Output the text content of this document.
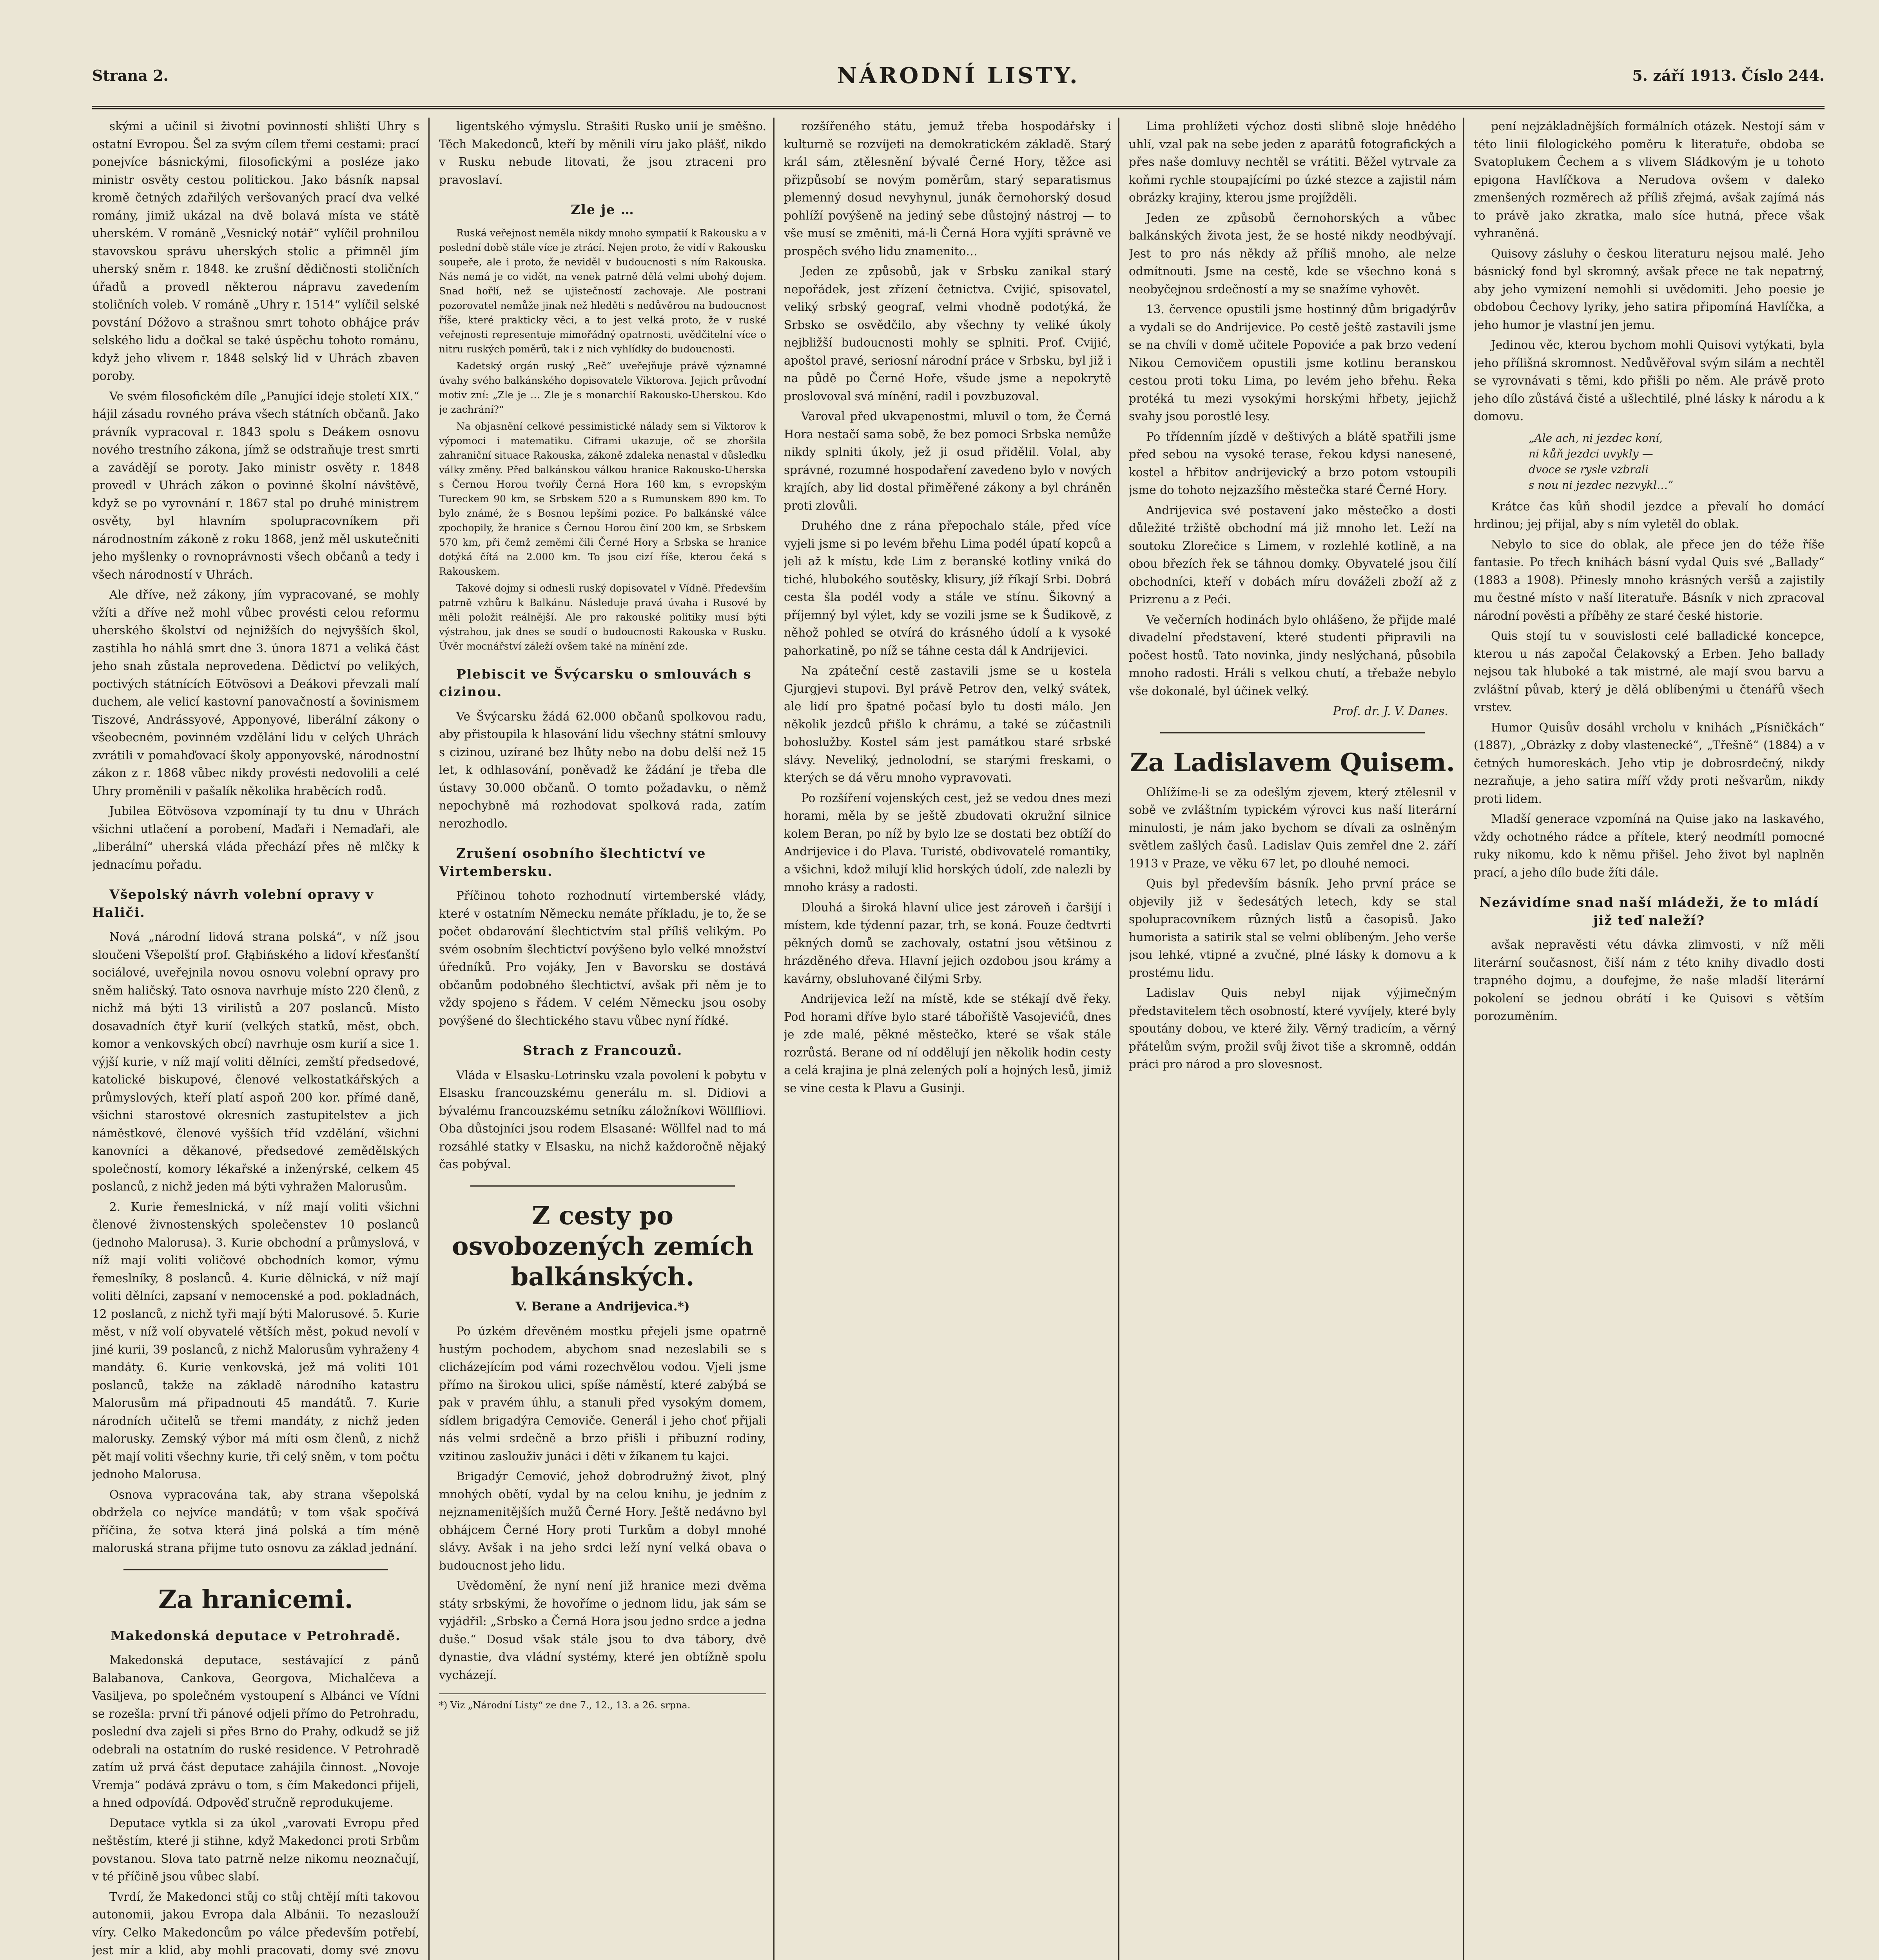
Strana 2.	NÁRODNÍ LISTY.	5. září 1913. Číslo 244.

skými a učinil si životní povinností shliští Uhry s ostatní Evropou. Šel za svým cílem třemi cestami: prací ponejvíce básnickými, filosofickými a posléze jako ministr osvěty cestou politickou. Jako básník napsal kromě četných zdařilých veršovaných prací dva velké romány, jimiž ukázal na dvě bolavá místa ve státě uherském. V románě „Vesnický notář“ vylíčil prohnilou stavovskou správu uherských stolic a přimněl jím uherský sněm r. 1848. ke zrušní dědičnosti stoličních úřadů a provedl některou nápravu zavedením stoličních voleb. V románě „Uhry r. 1514“ vylíčil selské povstání Dóžovo a strašnou smrt tohoto obhájce práv selského lidu a dočkal se také úspěchu tohoto románu, když jeho vlivem r. 1848 selský lid v Uhrách zbaven poroby.

Ve svém filosofickém díle „Panující ideje století XIX.“ hájil zásadu rovného práva všech státních občanů. Jako právník vypracoval r. 1843 spolu s Deákem osnovu nového trestního zákona, jímž se odstraňuje trest smrti a zavádějí se poroty. Jako ministr osvěty r. 1848 provedl v Uhrách zákon o povinné školní návštěvě, když se po vyrovnání r. 1867 stal po druhé ministrem osvěty, byl hlavním spolupracovníkem při národnostním zákoně z roku 1868, jenž měl uskutečniti jeho myšlenky o rovnoprávnosti všech občanů a tedy i všech národností v Uhrách.

Ale dříve, než zákony, jím vypracované, se mohly vžíti a dříve než mohl vůbec provésti celou reformu uherského školství od nejnižších do nejvyšších škol, zastihla ho náhlá smrt dne 3. února 1871 a veliká část jeho snah zůstala neprovedena. Dědictví po velikých, poctivých státnících Eötvösovi a Deákovi převzali malí duchem, ale velicí kastovní panovačností a šovinismem Tiszové, Andrássyové, Apponyové, liberální zákony o všeobecném, povinném vzdělání lidu v celých Uhrách zvrátili v pomahďovací školy apponyovské, národnostní zákon z r. 1868 vůbec nikdy provésti nedovolili a celé Uhry proměnili v pašalík několika hraběcích rodů.

Jubilea Eötvösova vzpomínají ty tu dnu v Uhrách všichni utlačení a porobení, Maďaři i Nemaďaři, ale „liberální“ uherská vláda přechází přes ně mlčky k jednacímu pořadu.

Všepolský návrh volební opravy v Haliči.

Nová „národní lidová strana polská“, v níž jsou sloučeni Všepolští prof. Głąbińského a lidoví křesťanští sociálové, uveřejnila novou osnovu volební opravy pro sněm haličský. Tato osnova navrhuje místo 220 členů, z nichž má býti 13 virilistů a 207 poslanců. Místo dosavadních čtyř kurií (velkých statků, měst, obch. komor a venkovských obcí) navrhuje osm kurií a sice 1. výjší kurie, v níž mají voliti dělníci, zemští předsedové, katolické biskupové, členové velkostatkářských a průmyslových, kteří platí aspoň 200 kor. přímé daně, všichni starostové okresních zastupitelstev a jich náměstkové, členové vyšších tříd vzdělání, všichni kanovníci a děkanové, předsedové zemědělských společností, komory lékařské a inženýrské, celkem 45 poslanců, z nichž jeden má býti vyhražen Malorusům.

2. Kurie řemeslnická, v níž mají voliti všichni členové živnostenských společenstev 10 poslanců (jednoho Malorusa). 3. Kurie obchodní a průmyslová, v níž mají voliti voličové obchodních komor, výmu řemeslníky, 8 poslanců. 4. Kurie dělnická, v níž mají voliti dělníci, zapsaní v nemocenské a pod. pokladnách, 12 poslanců, z nichž tyři mají býti Malorusové. 5. Kurie měst, v níž volí obyvatelé větších měst, pokud nevolí v jiné kurii, 39 poslanců, z nichž Malorusům vyhraženy 4 mandáty. 6. Kurie venkovská, jež má voliti 101 poslanců, takže na základě národního katastru Malorusům má připadnouti 45 mandátů. 7. Kurie národních učitelů se třemi mandáty, z nichž jeden malorusky. Zemský výbor má míti osm členů, z nichž pět mají voliti všechny kurie, tři celý sněm, v tom počtu jednoho Malorusa.

Osnova vypracována tak, aby strana všepolská obdržela co nejvíce mandátů; v tom však spočívá příčina, že sotva která jiná polská a tím méně maloruská strana přijme tuto osnovu za základ jednání.

Za hranicemi.
Makedonská deputace v Petrohradě.

Makedonská deputace, sestávající z pánů Balabanova, Cankova, Georgova, Michalčeva a Vasiljeva, po společném vystoupení s Albánci ve Vídni se rozešla: první tři pánové odjeli přímo do Petrohradu, poslední dva zajeli si přes Brno do Prahy, odkudž se již odebrali na ostatním do ruské residence. V Petrohradě zatím už prvá část deputace zahájila činnost. „Novoje Vremja“ podává zprávu o tom, s čím Makedonci přijeli, a hned odpovídá. Odpověď stručně reprodukujeme.

Deputace vytkla si za úkol „varovati Evropu před neštěstím, které ji stihne, když Makedonci proti Srbům povstanou. Slova tato patrně nelze nikomu neoznačují, v té příčině jsou vůbec slabí.

Tvrdí, že Makedonci stůj co stůj chtějí míti takovou autonomii, jakou Evropa dala Albánii. To nezaslouží víry. Celko Makedoncům po válce především potřebí, jest mír a klid, aby mohli pracovati, domy své znovu

ligentského výmyslu. Strašiti Rusko unií je směšno. Těch Makedonců, kteří by měnili víru jako plášť, nikdo v Rusku nebude litovati, že jsou ztraceni pro pravoslaví.

Zle je …

Ruská veřejnost neměla nikdy mnoho sympatií k Rakousku a v poslední době stále více je ztrácí. Nejen proto, že vidí v Rakousku soupeře, ale i proto, že neviděl v budoucnosti s ním Rakouska. Nás nemá je co vidět, na venek patrně dělá velmi ubohý dojem. Snad hořlí, než se ujistečností zachovaje. Ale postrani pozorovatel nemůže jinak než hleděti s nedůvěrou na budoucnost říše, které prakticky věci, a to jest velká proto, že v ruské veřejnosti representuje mimořádný opatrnosti, uvědčitelní více o nitru ruských poměrů, tak i z nich vyhlídky do budoucnosti.

Kadetský orgán ruský „Reč“ uveřejňuje právě významné úvahy svého balkánského dopisovatele Viktorova. Jejich průvodní motiv zní: „Zle je … Zle je s monarchií Rakousko-Uherskou. Kdo je zachrání?“

Na objasnění celkové pessimistické nálady sem si Viktorov k výpomoci i matematiku. Ciframi ukazuje, oč se zhoršila zahraniční situace Rakouska, zákoně zdaleka nenastal v důsledku války změny. Před balkánskou válkou hranice Rakousko-Uherska s Černou Horou tvořily Černá Hora 160 km, s evropským Tureckem 90 km, se Srbskem 520 a s Rumunskem 890 km. To bylo známé, že s Bosnou lepšími pozice. Po balkánské válce zpochopily, že hranice s Černou Horou činí 200 km, se Srbskem 570 km, při čemž zeměmi čili Černé Hory a Srbska se hranice dotýká čítá na 2.000 km. To jsou cizí říše, kterou čeká s Rakouskem.

Takové dojmy si odnesli ruský dopisovatel v Vídně. Především patrně vzhůru k Balkánu. Následuje pravá úvaha i Rusové by měli položit reálnější. Ale pro rakouské politiky musí býti výstrahou, jak dnes se soudí o budoucnosti Rakouska v Rusku. Úvěr mocnářství záleží ovšem také na mínění zde.

Plebiscit ve Švýcarsku o smlouvách s cizinou.

Ve Švýcarsku žádá 62.000 občanů spolkovou radu, aby přistoupila k hlasování lidu všechny státní smlouvy s cizinou, uzírané bez lhůty nebo na dobu delší než 15 let, k odhlasování, poněvadž ke žádání je třeba dle ústavy 30.000 občanů. O tomto požadavku, o němž nepochybně má rozhodovat spolková rada, zatím nerozhodlo.

Zrušení osobního šlechtictví ve Virtembersku.

Příčinou tohoto rozhodnutí virtemberské vlády, které v ostatním Německu nemáte příkladu, je to, že se počet obdarování šlechtictvím stal příliš velikým. Po svém osobním šlechtictví povýšeno bylo velké množství úředníků. Pro vojáky, Jen v Bavorsku se dostává občanům podobného šlechtictví, avšak při něm je to vždy spojeno s řádem. V celém Německu jsou osoby povýšené do šlechtického stavu vůbec nyní řídké.

Strach z Francouzů.

Vláda v Elsasku-Lotrinsku vzala povolení k pobytu v Elsasku francouzskému generálu m. sl. Didiovi a bývalému francouzskému setníku záložníkovi Wöllfliovi. Oba důstojníci jsou rodem Elsasané: Wöllfel nad to má rozsáhlé statky v Elsasku, na nichž každoročně nějaký čas pobýval.

Z cesty po osvobozených zemích balkánských.
V. Berane a Andrijevica.*)

Po úzkém dřevěném mostku přejeli jsme opatrně hustým pochodem, abychom snad nezeslabili se s clicházejícím pod vámi rozechvělou vodou. Vjeli jsme přímo na širokou ulici, spíše náměstí, které zabýbá se pak v pravém úhlu, a stanuli před vysokým domem, sídlem brigadýra Cemoviče. Generál i jeho choť přijali nás velmi srdečně a brzo přišli i přibuzní rodiny, vzitinou zaslouživ junáci i děti v žíkanem tu kajci.

Brigadýr Cemović, jehož dobrodružný život, plný mnohých obětí, vydal by na celou knihu, je jedním z nejznamenitějších mužů Černé Hory. Ještě nedávno byl obhájcem Černé Hory proti Turkům a dobyl mnohé slávy. Avšak i na jeho srdci leží nyní velká obava o budoucnost jeho lidu.

Uvědomění, že nyní není již hranice mezi dvěma státy srbskými, že hovoříme o jednom lidu, jak sám se vyjádřil: „Srbsko a Černá Hora jsou jedno srdce a jedna duše.“ Dosud však stále jsou to dva tábory, dvě dynastie, dva vládní systémy, které jen obtížně spolu vycházejí.

*) Viz „Národní Listy“ ze dne 7., 12., 13. a 26. srpna.

rozšířeného státu, jemuž třeba hospodářsky i kulturně se rozvíjeti na demokratickém základě. Starý král sám, ztělesnění bývalé Černé Hory, těžce asi přizpůsobí se novým poměrům, starý separatismus plemenný dosud nevyhynul, junák černohorský dosud pohlíží povýšeně na jediný sebe důstojný nástroj — to vše musí se změniti, má-li Černá Hora vyjíti správně ve prospěch svého lidu znamenito…

Jeden ze způsobů, jak v Srbsku zanikal starý nepořádek, jest zřízení četnictva. Cvijić, spisovatel, veliký srbský geograf, velmi vhodně podotýká, že Srbsko se osvědčilo, aby všechny ty veliké úkoly nejbližší budoucnosti mohly se splniti. Prof. Cvijić, apoštol pravé, seriosní národní práce v Srbsku, byl již i na půdě po Černé Hoře, všude jsme a nepokrytě proslovoval svá mínění, radil i povzbuzoval.

Varoval před ukvapenostmi, mluvil o tom, že Černá Hora nestačí sama sobě, že bez pomoci Srbska nemůže nikdy splniti úkoly, jež ji osud přidělil. Volal, aby správné, rozumné hospodaření zavedeno bylo v nových krajích, aby lid dostal přiměřené zákony a byl chráněn proti zlovůli.

Druhého dne z rána přepochalo stále, před více vyjeli jsme si po levém břehu Lima podél úpatí kopců a jeli až k místu, kde Lim z beranské kotliny vniká do tiché, hlubokého soutěsky, klisury, jíž říkají Srbi. Dobrá cesta šla podél vody a stále ve stínu. Šikovný a příjemný byl výlet, kdy se vozili jsme se k Šudikově, z něhož pohled se otvírá do krásného údolí a k vysoké pahorkatině, po níž se táhne cesta dál k Andrijevici.

Na zpáteční cestě zastavili jsme se u kostela Gjurgjevi stupovi. Byl právě Petrov den, velký svátek, ale lidí pro špatné počasí bylo tu dosti málo. Jen několik jezdců přišlo k chrámu, a také se zúčastnili bohoslužby. Kostel sám jest památkou staré srbské slávy. Neveliký, jednolodní, se starými freskami, o kterých se dá věru mnoho vypravovati.

Po rozšíření vojenských cest, jež se vedou dnes mezi horami, měla by se ještě zbudovati okružní silnice kolem Beran, po níž by bylo lze se dostati bez obtíží do Andrijevice i do Plava. Turisté, obdivovatelé romantiky, a všichni, kdož milují klid horských údolí, zde nalezli by mnoho krásy a radosti.

Dlouhá a široká hlavní ulice jest zároveň i čaršijí i místem, kde týdenní pazar, trh, se koná. Fouze čedtvrti pěkných domů se zachovaly, ostatní jsou většinou z hrázděného dřeva. Hlavní jejich ozdobou jsou krámy a kavárny, obsluhované čilými Srby.

Andrijevica leží na místě, kde se stékají dvě řeky. Pod horami dříve bylo staré tábořiště Vasojevićů, dnes je zde malé, pěkné městečko, které se však stále rozrůstá. Berane od ní oddělují jen několik hodin cesty a celá krajina je plná zelených polí a hojných lesů, jimiž se vine cesta k Plavu a Gusinji.

Lima prohlížeti výchoz dosti slibně sloje hnědého uhlí, vzal pak na sebe jeden z aparátů fotografických a přes naše domluvy nechtěl se vrátiti. Běžel vytrvale za koňmi rychle stoupajícími po úzké stezce a zajistil nám obrázky krajiny, kterou jsme projížděli.

Jeden ze způsobů černohorských a vůbec balkánských života jest, že se hosté nikdy neodbývají. Jest to pro nás někdy až příliš mnoho, ale nelze odmítnouti. Jsme na cestě, kde se všechno koná s neobyčejnou srdečností a my se snažíme vyhovět.

13. července opustili jsme hostinný dům brigadýrův a vydali se do Andrijevice. Po cestě ještě zastavili jsme se na chvíli v domě učitele Popoviće a pak brzo vedení Nikou Cemovičem opustili jsme kotlinu beranskou cestou proti toku Lima, po levém jeho břehu. Řeka protéká tu mezi vysokými horskými hřbety, jejichž svahy jsou porostlé lesy.

Po třídenním jízdě v deštivých a blátě spatřili jsme před sebou na vysoké terase, řekou kdysi nanesené, kostel a hřbitov andrijevický a brzo potom vstoupili jsme do tohoto nejzazšího městečka staré Černé Hory.

Andrijevica své postavení jako městečko a dosti důležité tržiště obchodní má již mnoho let. Leží na soutoku Zlorečice s Limem, v rozlehlé kotlině, a na obou březích řek se táhnou domky. Obyvatelé jsou čilí obchodníci, kteří v dobách míru dováželi zboží až z Prizrenu a z Peći.

Ve večerních hodinách bylo ohlášeno, že přijde malé divadelní představení, které studenti připravili na počest hostů. Tato novinka, jindy neslýchaná, působila mnoho radosti. Hráli s velkou chutí, a třebaže nebylo vše dokonalé, byl účinek velký.

Prof. dr. J. V. Danes.
Za Ladislavem Quisem.

Ohlížíme-li se za odešlým zjevem, který ztělesnil v sobě ve zvláštním typickém výrovci kus naší literární minulosti, je nám jako bychom se dívali za oslněným světlem zašlých časů. Ladislav Quis zemřel dne 2. září 1913 v Praze, ve věku 67 let, po dlouhé nemoci.

Quis byl především básník. Jeho první práce se objevily již v šedesátých letech, kdy se stal spolupracovníkem různých listů a časopisů. Jako humorista a satirik stal se velmi oblíbeným. Jeho verše jsou lehké, vtipné a zvučné, plné lásky k domovu a k prostému lidu.

Ladislav Quis nebyl nijak výjimečným představitelem těch osobností, které vyvíjely, které byly spoutány dobou, ve které žily. Věrný tradicím, a věrný přátelům svým, prožil svůj život tiše a skromně, oddán práci pro národ a pro slovesnost.

pení nejzákladnějších formálních otázek. Nestojí sám v této linii filologického poměru k literatuře, obdoba se Svatoplukem Čechem a s vlivem Sládkovým je u tohoto epigona Havlíčkova a Nerudova ovšem v daleko zmenšených rozměrech až příliš zřejmá, avšak zajímá nás to právě jako zkratka, malo síce hutná, přece však vyhraněná.

Quisovy zásluhy o českou literaturu nejsou malé. Jeho básnický fond byl skromný, avšak přece ne tak nepatrný, aby jeho vymizení nemohli si uvědomiti. Jeho poesie je obdobou Čechovy lyriky, jeho satira připomíná Havlíčka, a jeho humor je vlastní jen jemu.

Jedinou věc, kterou bychom mohli Quisovi vytýkati, byla jeho přílišná skromnost. Nedůvěřoval svým silám a nechtěl se vyrovnávati s těmi, kdo přišli po něm. Ale právě proto jeho dílo zůstává čisté a ušlechtilé, plné lásky k národu a k domovu.

„Ale ach, ni jezdec koní,
ni kůň jezdci uvykly —
dvoce se rysle vzbrali
s nou ni jezdec nezvykl…“

Krátce čas kůň shodil jezdce a převalí ho domácí hrdinou; jej přijal, aby s ním vyletěl do oblak.

Nebylo to sice do oblak, ale přece jen do téže říše fantasie. Po třech knihách básní vydal Quis své „Ballady“ (1883 a 1908). Přinesly mnoho krásných veršů a zajistily mu čestné místo v naší literatuře. Básník v nich zpracoval národní pověsti a příběhy ze staré české historie.

Quis stojí tu v souvislosti celé balladické koncepce, kterou u nás započal Čelakovský a Erben. Jeho ballady nejsou tak hluboké a tak mistrné, ale mají svou barvu a zvláštní půvab, který je dělá oblíbenými u čtenářů všech vrstev.

Humor Quisův dosáhl vrcholu v knihách „Písničkách“ (1887), „Obrázky z doby vlastenecké“, „Třešně“ (1884) a v četných humoreskách. Jeho vtip je dobrosrdečný, nikdy nezraňuje, a jeho satira míří vždy proti nešvarům, nikdy proti lidem.

Mladší generace vzpomíná na Quise jako na laskavého, vždy ochotného rádce a přítele, který neodmítl pomocné ruky nikomu, kdo k němu přišel. Jeho život byl naplněn prací, a jeho dílo bude žíti dále.

Nezávidíme snad naší mládeži, že to mládí již teď naleží?

avšak nepravěsti vétu dávka zlimvosti, v níž měli literární současnost, čiší nám z této knihy divadlo dosti trapného dojmu, a doufejme, že naše mladší literární pokolení se jednou obrátí i ke Quisovi s větším porozuměním.
